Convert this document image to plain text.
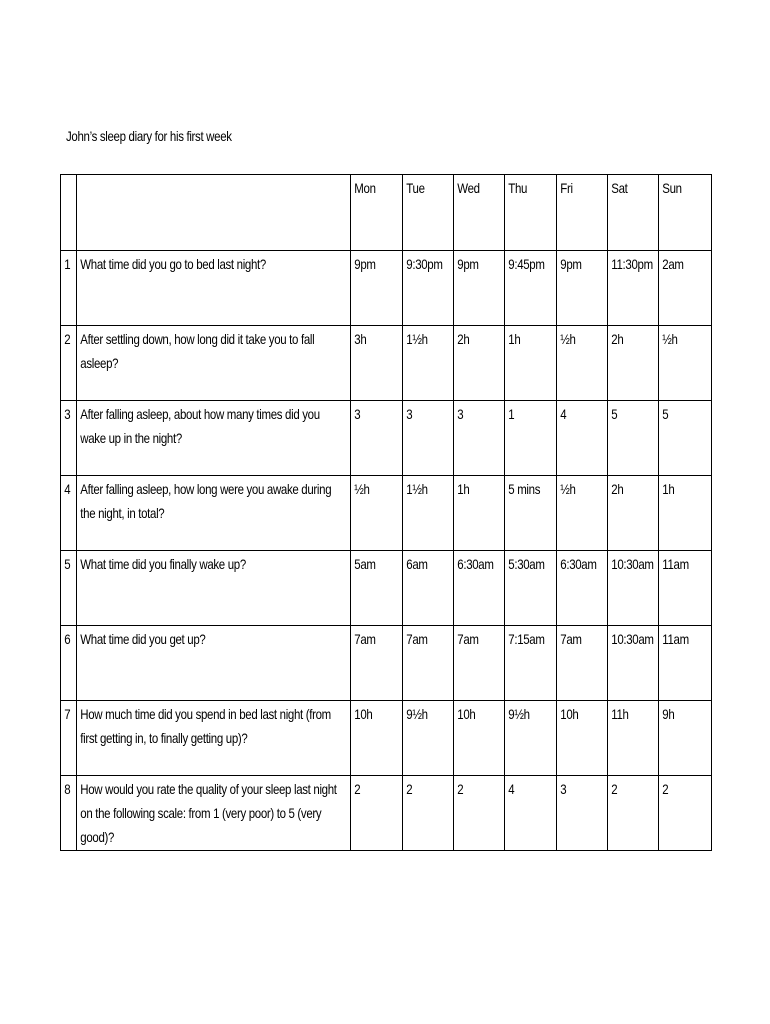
John’s sleep diary for his first week

		Mon	Tue	Wed	Thu	Fri	Sat	Sun

1	What time did you go to bed last night?	9pm	9:30pm	9pm	9:45pm	9pm	11:30pm	2am

2	After settling down, how long did it take you to fall asleep?	3h	1½h	2h	1h	½h	2h	½h

3	After falling asleep, about how many times did you wake up in the night?	3	3	3	1	4	5	5

4	After falling asleep, how long were you awake during the night, in total?	½h	1½h	1h	5 mins	½h	2h	1h

5	What time did you finally wake up?	5am	6am	6:30am	5:30am	6:30am	10:30am	11am

6	What time did you get up?	7am	7am	7am	7:15am	7am	10:30am	11am

7	How much time did you spend in bed last night (from first getting in, to finally getting up)?	10h	9½h	10h	9½h	10h	11h	9h

8	How would you rate the quality of your sleep last night on the following scale: from 1 (very poor) to 5 (very good)?	2	2	2	4	3	2	2
